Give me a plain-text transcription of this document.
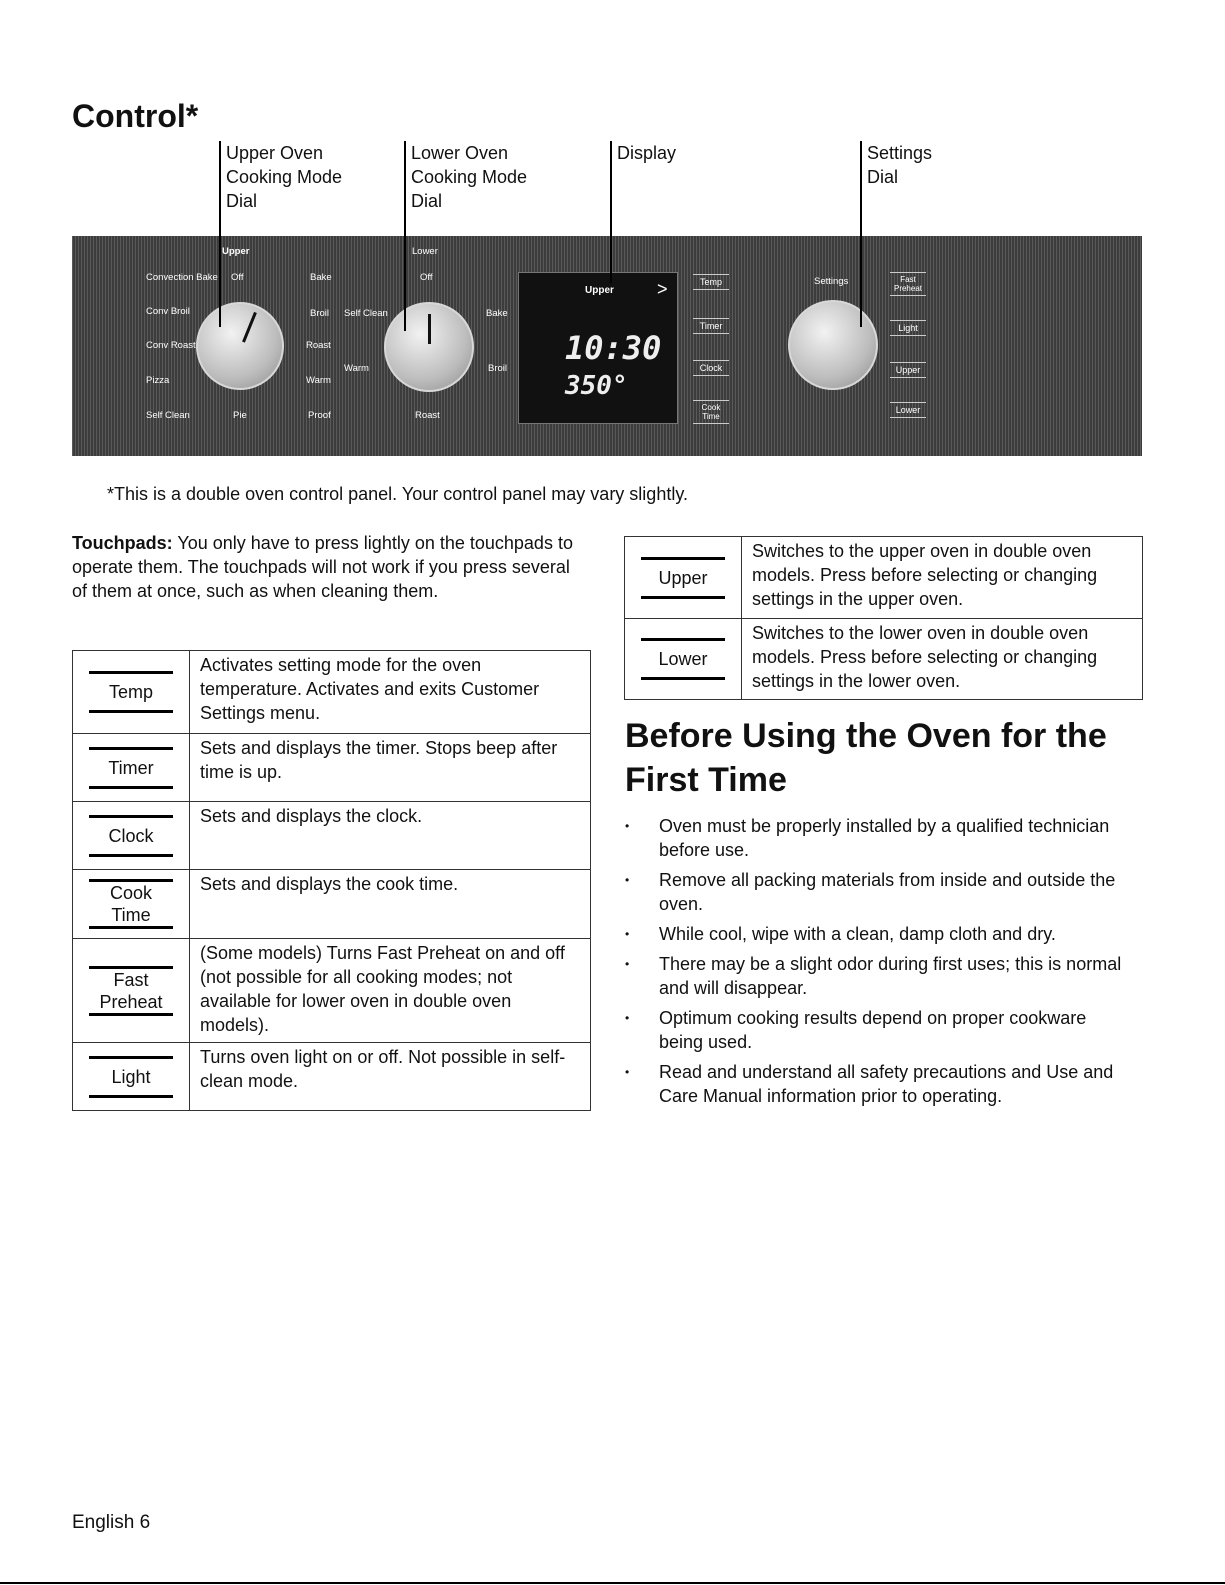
Control*
Upper Oven
Cooking Mode
Dial
Lower Oven
Cooking Mode
Dial
Display	Settings
Dial
Upper
Off
Convection Bake
Conv Broil
Conv Roast
Pizza
Self Clean
Bake
Broil
Roast
Warm
Proof
Pie
Lower
Off
Self Clean
Warm
Bake
Broil
Roast
Temp
Timer
Clock
Cook
Time
Settings	Fast
Preheat
Light
Upper
Lower
Upper >
10:30
350°
*This is a double oven control panel. Your control panel may vary slightly.

Touchpads: You only have to press lightly on the touchpads to operate them. The touchpads will not work if you press several of them at once, such as when cleaning them.

Temp	Activates setting mode for the oven temperature. Activates and exits Customer Settings menu.

Timer	Sets and displays the timer. Stops beep after time is up.

Clock	Sets and displays the clock.

Cook Time	Sets and displays the cook time.

Fast Preheat	(Some models) Turns Fast Preheat on and off (not possible for all cooking modes; not available for lower oven in double oven models).

Light	Turns oven light on or off. Not possible in self-clean mode.
Upper	Switches to the upper oven in double oven models. Press before selecting or changing settings in the upper oven.

Lower	Switches to the lower oven in double oven models. Press before selecting or changing settings in the lower oven.
Before Using the Oven for the First Time
• Oven must be properly installed by a qualified technician before use.
• Remove all packing materials from inside and outside the oven.
• While cool, wipe with a clean, damp cloth and dry.
• There may be a slight odor during first uses; this is normal and will disappear.
• Optimum cooking results depend on proper cookware being used.
• Read and understand all safety precautions and Use and Care Manual information prior to operating.
English 6
